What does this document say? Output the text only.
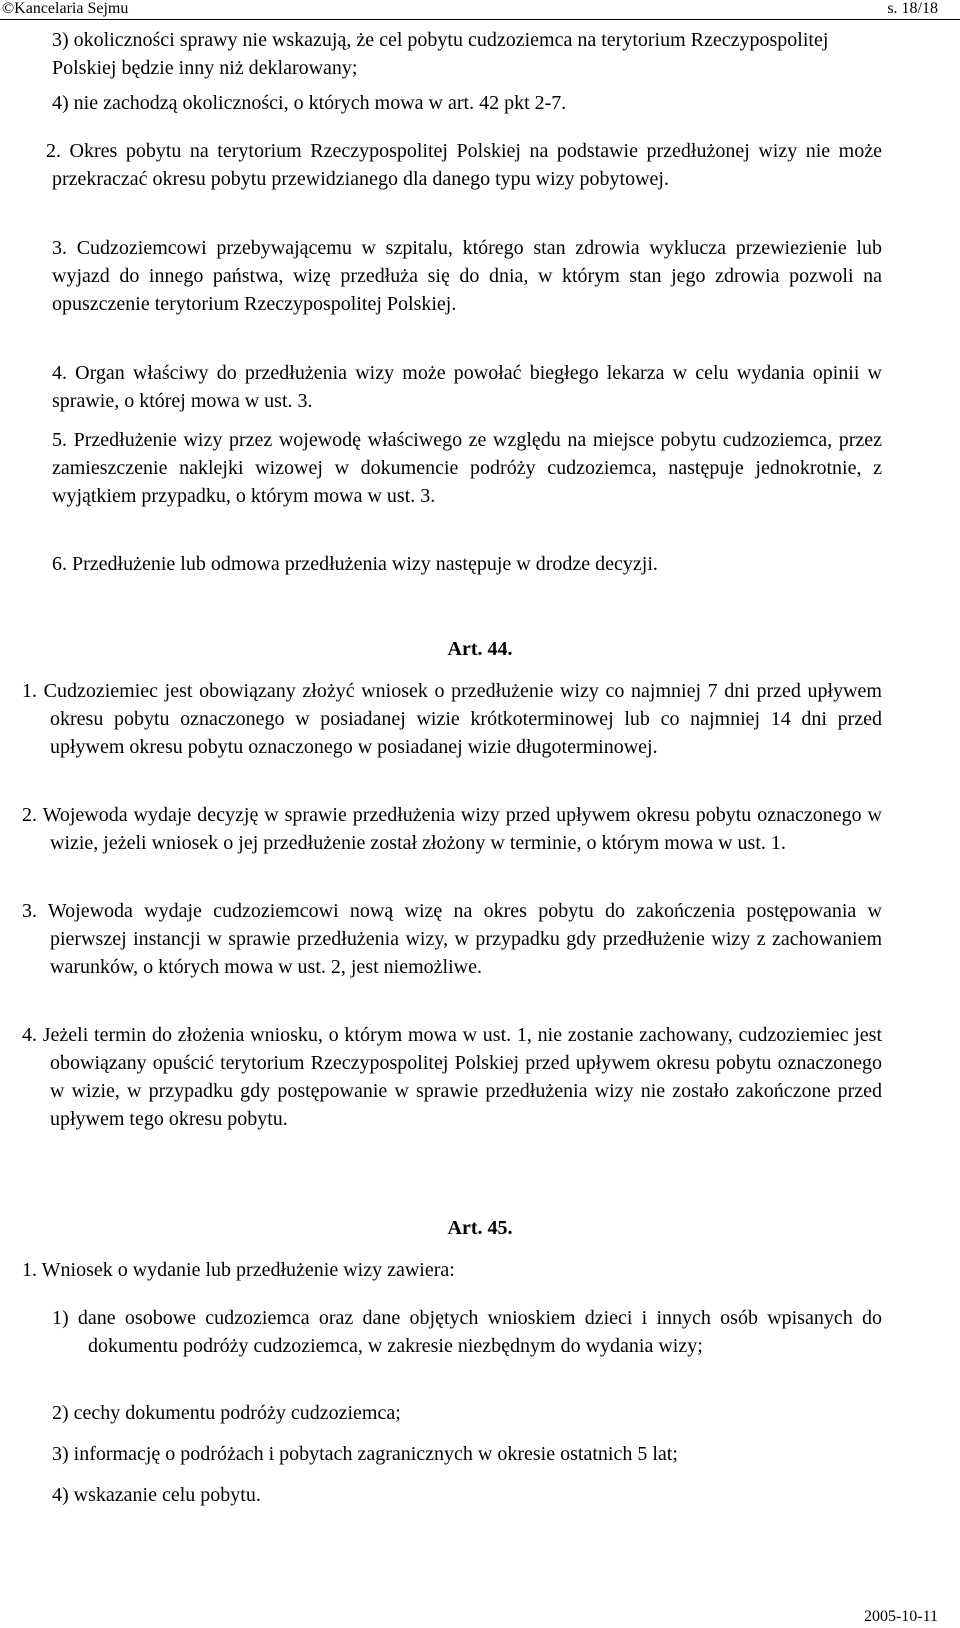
©Kancelaria Sejmu	s. 18/18

3) okoliczności sprawy nie wskazują, że cel pobytu cudzoziemca na terytorium Rzeczypospolitej Polskiej będzie inny niż deklarowany;

4) nie zachodzą okoliczności, o których mowa w art. 42 pkt 2-7.

2. Okres pobytu na terytorium Rzeczypospolitej Polskiej na podstawie przedłużonej wizy nie może przekraczać okresu pobytu przewidzianego dla danego typu wizy pobytowej.

3. Cudzoziemcowi przebywającemu w szpitalu, którego stan zdrowia wyklucza przewiezienie lub wyjazd do innego państwa, wizę przedłuża się do dnia, w którym stan jego zdrowia pozwoli na opuszczenie terytorium Rzeczypospolitej Polskiej.

4. Organ właściwy do przedłużenia wizy może powołać biegłego lekarza w celu wydania opinii w sprawie, o której mowa w ust. 3.

5. Przedłużenie wizy przez wojewodę właściwego ze względu na miejsce pobytu cudzoziemca, przez zamieszczenie naklejki wizowej w dokumencie podróży cudzoziemca, następuje jednokrotnie, z wyjątkiem przypadku, o którym mowa w ust. 3.

6. Przedłużenie lub odmowa przedłużenia wizy następuje w drodze decyzji.

Art. 44.

1. Cudzoziemiec jest obowiązany złożyć wniosek o przedłużenie wizy co najmniej 7 dni przed upływem okresu pobytu oznaczonego w posiadanej wizie krótkoterminowej lub co najmniej 14 dni przed upływem okresu pobytu oznaczonego w posiadanej wizie długoterminowej.

2. Wojewoda wydaje decyzję w sprawie przedłużenia wizy przed upływem okresu pobytu oznaczonego w wizie, jeżeli wniosek o jej przedłużenie został złożony w terminie, o którym mowa w ust. 1.

3. Wojewoda wydaje cudzoziemcowi nową wizę na okres pobytu do zakończenia postępowania w pierwszej instancji w sprawie przedłużenia wizy, w przypadku gdy przedłużenie wizy z zachowaniem warunków, o których mowa w ust. 2, jest niemożliwe.

4. Jeżeli termin do złożenia wniosku, o którym mowa w ust. 1, nie zostanie zachowany, cudzoziemiec jest obowiązany opuścić terytorium Rzeczypospolitej Polskiej przed upływem okresu pobytu oznaczonego w wizie, w przypadku gdy postępowanie w sprawie przedłużenia wizy nie zostało zakończone przed upływem tego okresu pobytu.

Art. 45.

1. Wniosek o wydanie lub przedłużenie wizy zawiera:

1) dane osobowe cudzoziemca oraz dane objętych wnioskiem dzieci i innych osób wpisanych do dokumentu podróży cudzoziemca, w zakresie niezbędnym do wydania wizy;

2) cechy dokumentu podróży cudzoziemca;

3) informację o podróżach i pobytach zagranicznych w okresie ostatnich 5 lat;

4) wskazanie celu pobytu.

2005-10-11
